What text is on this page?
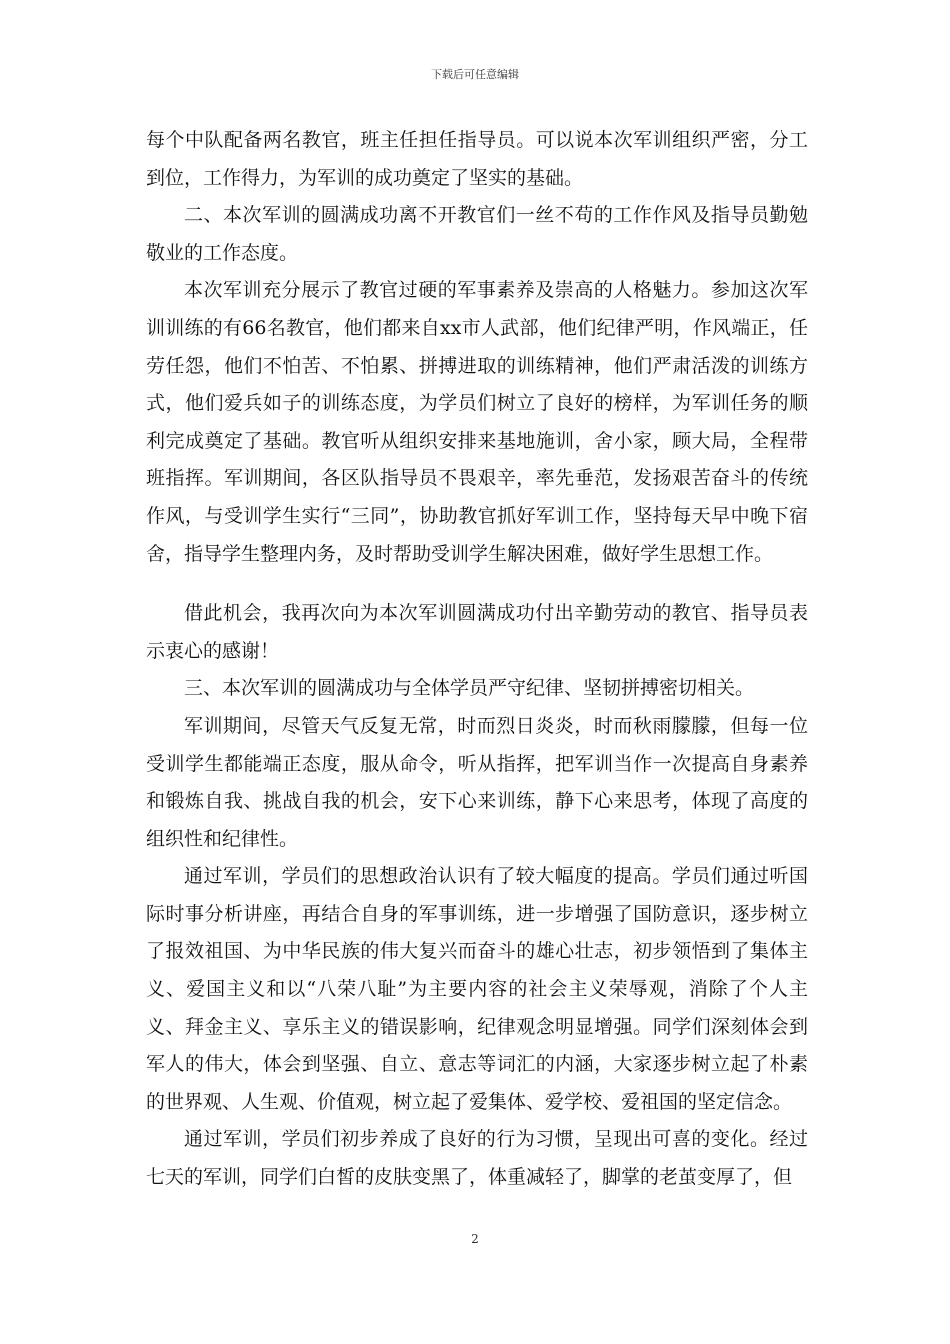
下载后可任意编辑

每个中队配备两名教官，班主任担任指导员。可以说本次军训组织严密，分工到位，工作得力，为军训的成功奠定了坚实的基础。

二、本次军训的圆满成功离不开教官们一丝不苟的工作作风及指导员勤勉敬业的工作态度。

本次军训充分展示了教官过硬的军事素养及崇高的人格魅力。参加这次军训训练的有66名教官，他们都来自xx市人武部，他们纪律严明，作风端正，任劳任怨，他们不怕苦、不怕累、拼搏进取的训练精神，他们严肃活泼的训练方式，他们爱兵如子的训练态度，为学员们树立了良好的榜样，为军训任务的顺利完成奠定了基础。教官听从组织安排来基地施训，舍小家，顾大局，全程带班指挥。军训期间，各区队指导员不畏艰辛，率先垂范，发扬艰苦奋斗的传统作风，与受训学生实行“三同”，协助教官抓好军训工作，坚持每天早中晚下宿舍，指导学生整理内务，及时帮助受训学生解决困难，做好学生思想工作。

借此机会，我再次向为本次军训圆满成功付出辛勤劳动的教官、指导员表示衷心的感谢！

三、本次军训的圆满成功与全体学员严守纪律、坚韧拼搏密切相关。

军训期间，尽管天气反复无常，时而烈日炎炎，时而秋雨朦朦，但每一位受训学生都能端正态度，服从命令，听从指挥，把军训当作一次提高自身素养和锻炼自我、挑战自我的机会，安下心来训练，静下心来思考，体现了高度的组织性和纪律性。

通过军训，学员们的思想政治认识有了较大幅度的提高。学员们通过听国际时事分析讲座，再结合自身的军事训练，进一步增强了国防意识，逐步树立了报效祖国、为中华民族的伟大复兴而奋斗的雄心壮志，初步领悟到了集体主义、爱国主义和以“八荣八耻”为主要内容的社会主义荣辱观，消除了个人主义、拜金主义、享乐主义的错误影响，纪律观念明显增强。同学们深刻体会到军人的伟大，体会到坚强、自立、意志等词汇的内涵，大家逐步树立起了朴素的世界观、人生观、价值观，树立起了爱集体、爱学校、爱祖国的坚定信念。

通过军训，学员们初步养成了良好的行为习惯，呈现出可喜的变化。经过七天的军训，同学们白皙的皮肤变黑了，体重减轻了，脚掌的老茧变厚了，但

2
